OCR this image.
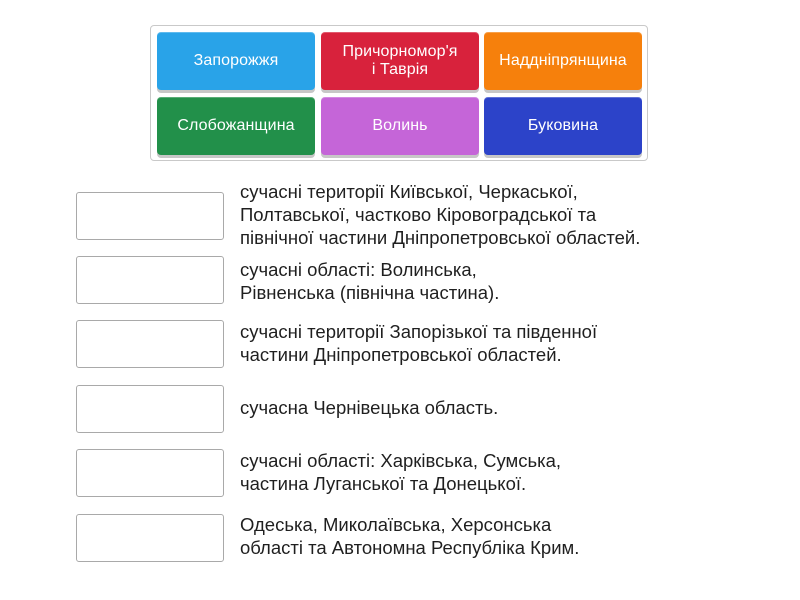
Запорожжя
Причорномор'я
і Таврія
Наддніпрянщина
Слобожанщина	Волинь	Буковина
сучасні території Київської, Черкаської,
Полтавської, частково Кіровоградської та
північної частини Дніпропетровської областей.
сучасні області: Волинська,
Рівненська (північна частина).
сучасні території Запорізької та південної
частини Дніпропетровської областей.
сучасна Чернівецька область.
сучасні області: Харківська, Сумська,
частина Луганської та Донецької.
Одеська, Миколаївська, Херсонська
області та Автономна Республіка Крим.
